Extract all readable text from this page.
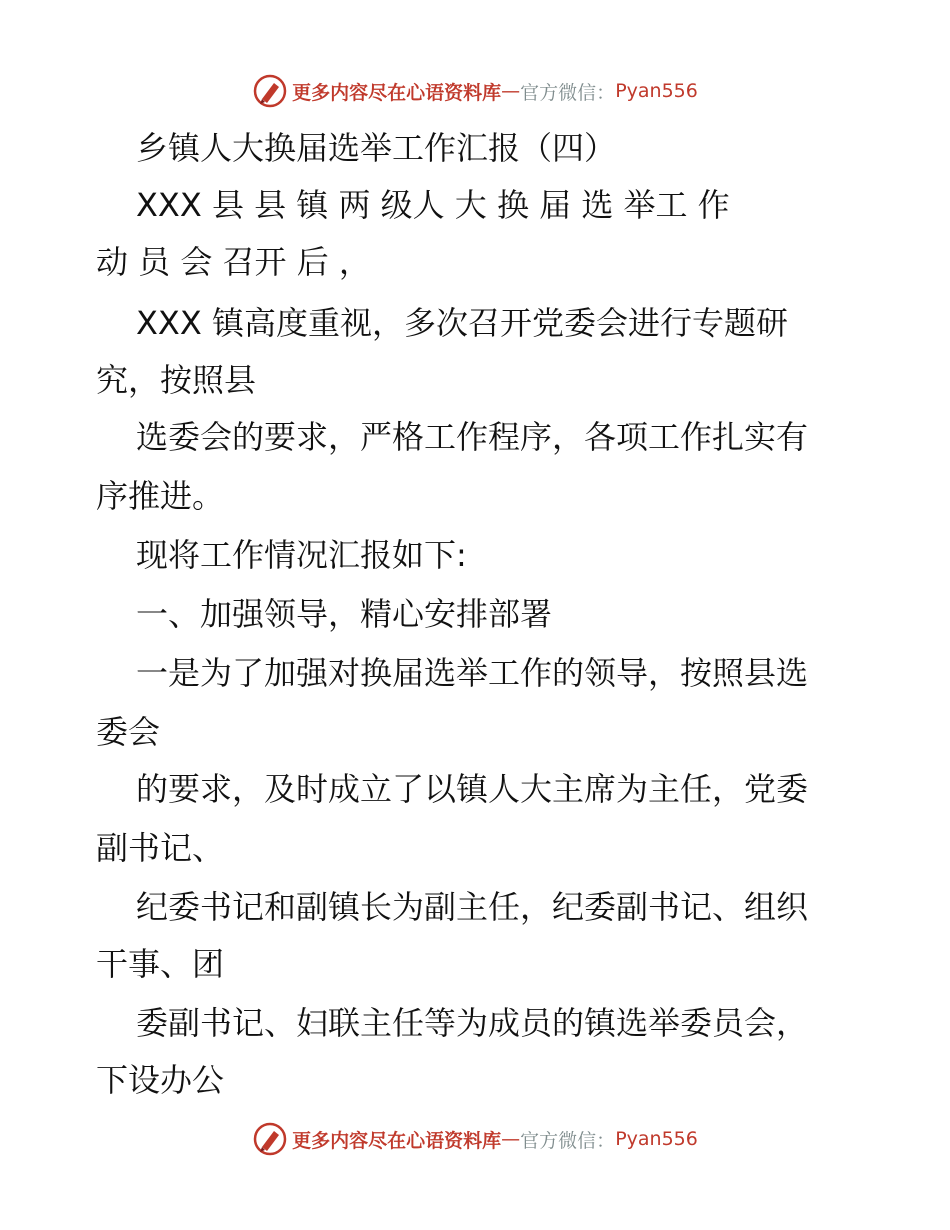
更多内容尽在心语资料库 — 官方微信： Pyan556
乡镇人大换届选举工作汇报（四）
XXX 县 县 镇 两 级人 大 换 届 选 举工 作
动 员 会 召开 后 ，
XXX 镇高度重视，多次召开党委会进行专题研
究，按照县
选委会的要求，严格工作程序，各项工作扎实有
序推进。
现将工作情况汇报如下:
一、加强领导，精心安排部署
一是为了加强对换届选举工作的领导，按照县选
委会
的要求，及时成立了以镇人大主席为主任，党委
副书记、
纪委书记和副镇长为副主任，纪委副书记、组织
干事、团
委副书记、妇联主任等为成员的镇选举委员会，
下设办公
更多内容尽在心语资料库 — 官方微信： Pyan556
